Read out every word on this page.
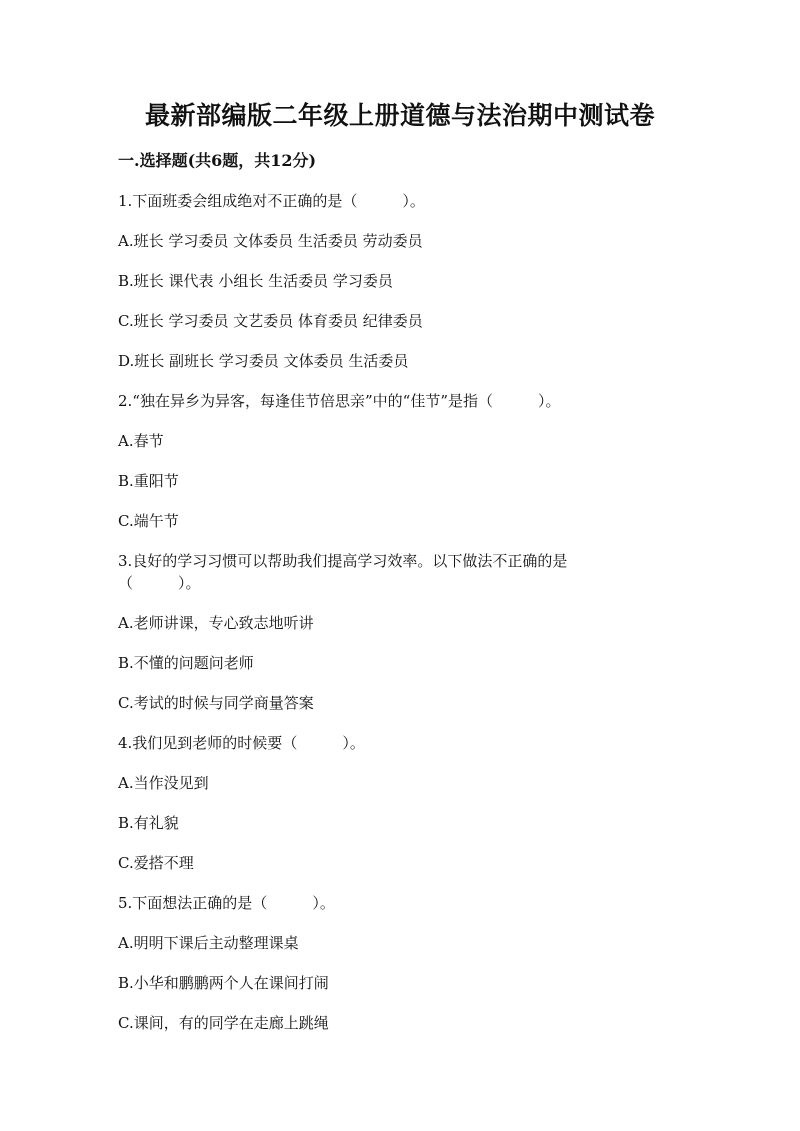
最新部编版二年级上册道德与法治期中测试卷
一.选择题(共6题，共12分)
1.下面班委会组成绝对不正确的是（　　　）。
A.班长 学习委员 文体委员 生活委员 劳动委员
B.班长 课代表 小组长 生活委员 学习委员
C.班长 学习委员 文艺委员 体育委员 纪律委员
D.班长 副班长 学习委员 文体委员 生活委员
2.“独在异乡为异客，每逢佳节倍思亲”中的“佳节”是指（　　　）。
A.春节
B.重阳节
C.端午节
3.良好的学习习惯可以帮助我们提高学习效率。以下做法不正确的是（　　　）。
A.老师讲课，专心致志地听讲
B.不懂的问题问老师
C.考试的时候与同学商量答案
4.我们见到老师的时候要（　　　）。
A.当作没见到
B.有礼貌
C.爱搭不理
5.下面想法正确的是（　　　）。
A.明明下课后主动整理课桌
B.小华和鹏鹏两个人在课间打闹
C.课间，有的同学在走廊上跳绳
